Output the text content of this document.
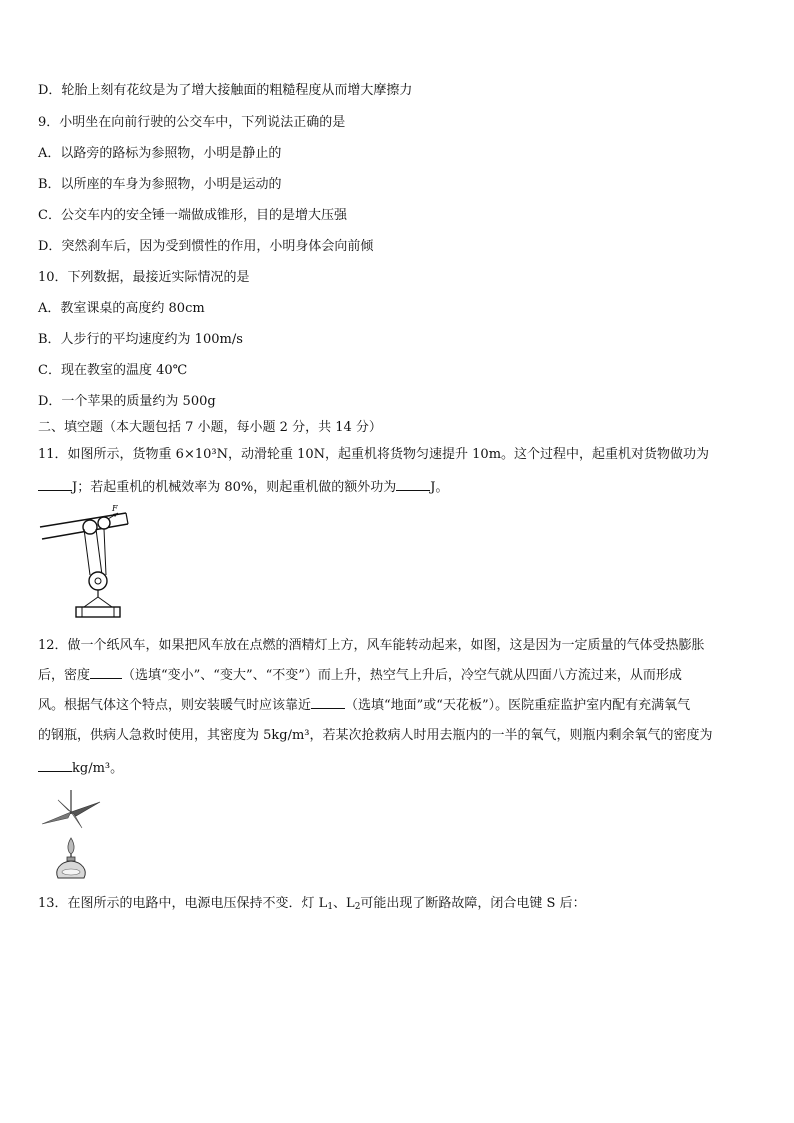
D．轮胎上刻有花纹是为了增大接触面的粗糙程度从而增大摩擦力
9．小明坐在向前行驶的公交车中，下列说法正确的是
A．以路旁的路标为参照物，小明是静止的
B．以所座的车身为参照物，小明是运动的
C．公交车内的安全锤一端做成锥形，目的是增大压强
D．突然刹车后，因为受到惯性的作用，小明身体会向前倾
10．下列数据，最接近实际情况的是
A．教室课桌的高度约 80cm
B．人步行的平均速度约为 100m/s
C．现在教室的温度 40℃
D．一个苹果的质量约为 500g
二、填空题（本大题包括 7 小题，每小题 2 分，共 14 分）
11．如图所示，货物重 6×10³N，动滑轮重 10N，起重机将货物匀速提升 10m。这个过程中，起重机对货物做功为
J；若起重机的机械效率为 80%，则起重机做的额外功为	J。
F
12．做一个纸风车，如果把风车放在点燃的酒精灯上方，风车能转动起来，如图，这是因为一定质量的气体受热膨胀
后，密度 （选填“变小”、“变大”、“不变”）而上升，热空气上升后，冷空气就从四面八方流过来，从而形成
风。根据气体这个特点，则安装暖气时应该靠近	（选填“地面”或“天花板”）。医院重症监护室内配有充满氧气
的钢瓶，供病人急救时使用，其密度为 5kg/m³，若某次抢救病人时用去瓶内的一半的氧气，则瓶内剩余氧气的密度为
kg/m³。
13．在图所示的电路中，电源电压保持不变．灯 $L_1$、$L_2$可能出现了断路故障，闭合电键 S 后：
